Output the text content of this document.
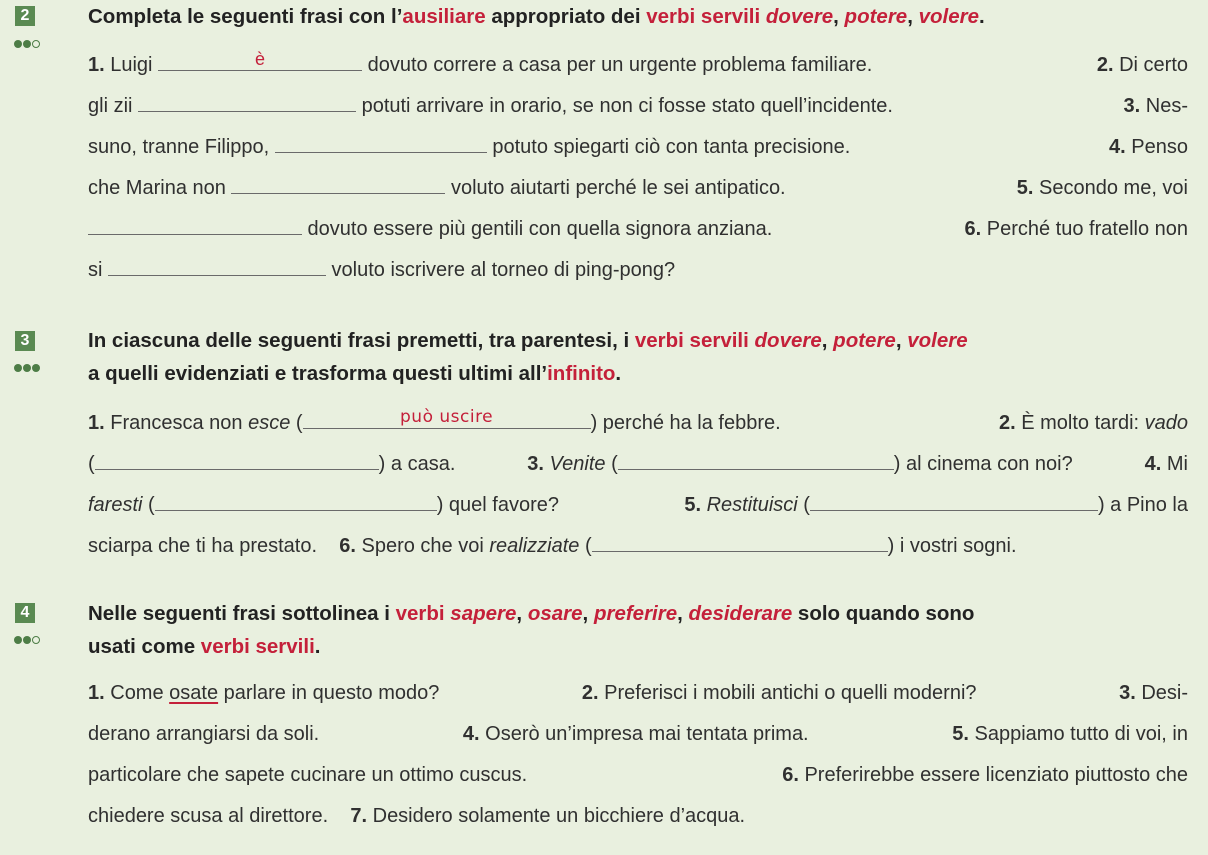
2	Completa le seguenti frasi con l’ausiliare appropriato dei verbi servili dovere, potere, volere.
1. Luigi	è	dovuto correre a casa per un urgente problema familiare.	2. Di certo
gli zii	potuti arrivare in orario, se non ci fosse stato quell’incidente.	3. Nes-
suno, tranne Filippo,	potuto spiegarti ciò con tanta precisione.	4. Penso
che Marina non	voluto aiutarti perché le sei antipatico.	5. Secondo me, voi
dovuto essere più gentili con quella signora anziana.	6. Perché tuo fratello non
si	voluto iscrivere al torneo di ping-pong?
3	In ciascuna delle seguenti frasi premetti, tra parentesi, i verbi servili dovere, potere, volere
a quelli evidenziati e trasforma questi ultimi all’infinito.
1. Francesca non esce (	può uscire	) perché ha la febbre.	2. È molto tardi: vado
(	) a casa.	3. Venite (	) al cinema con noi?	4. Mi
faresti (	) quel favore?	5. Restituisci (	) a Pino la
sciarpa che ti ha prestato. 6. Spero che voi realizziate (	) i vostri sogni.
4	Nelle seguenti frasi sottolinea i verbi sapere, osare, preferire, desiderare solo quando sono
usati come verbi servili.
1. Come osate parlare in questo modo?	2. Preferisci i mobili antichi o quelli moderni?	3. Desi-
derano arrangiarsi da soli.	4. Oserò un’impresa mai tentata prima.	5. Sappiamo tutto di voi, in
particolare che sapete cucinare un ottimo cuscus.	6. Preferirebbe essere licenziato piuttosto che
chiedere scusa al direttore. 7. Desidero solamente un bicchiere d’acqua.
